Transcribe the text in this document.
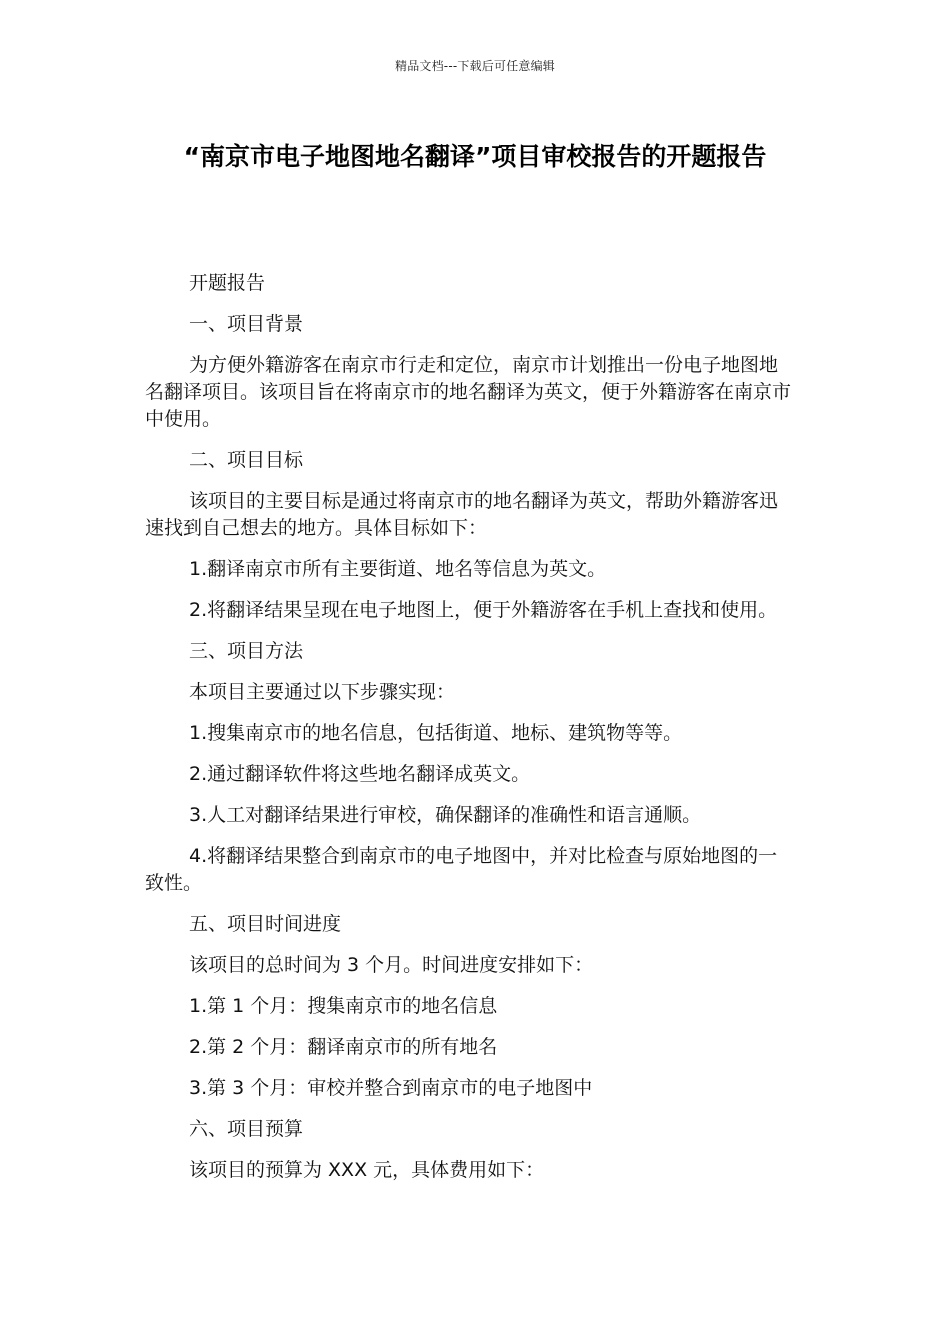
精品文档---下载后可任意编辑
“南京市电子地图地名翻译”项目审校报告的开题报告

开题报告

一、项目背景

为方便外籍游客在南京市行走和定位，南京市计划推出一份电子地图地名翻译项目。该项目旨在将南京市的地名翻译为英文，便于外籍游客在南京市中使用。

二、项目目标

该项目的主要目标是通过将南京市的地名翻译为英文，帮助外籍游客迅速找到自己想去的地方。具体目标如下：

1.翻译南京市所有主要街道、地名等信息为英文。

2.将翻译结果呈现在电子地图上，便于外籍游客在手机上查找和使用。

三、项目方法

本项目主要通过以下步骤实现：

1.搜集南京市的地名信息，包括街道、地标、建筑物等等。

2.通过翻译软件将这些地名翻译成英文。

3.人工对翻译结果进行审校，确保翻译的准确性和语言通顺。

4.将翻译结果整合到南京市的电子地图中，并对比检查与原始地图的一致性。

五、项目时间进度

该项目的总时间为 3 个月。时间进度安排如下：

1.第 1 个月：搜集南京市的地名信息

2.第 2 个月：翻译南京市的所有地名

3.第 3 个月：审校并整合到南京市的电子地图中

六、项目预算

该项目的预算为 XXX 元，具体费用如下：
